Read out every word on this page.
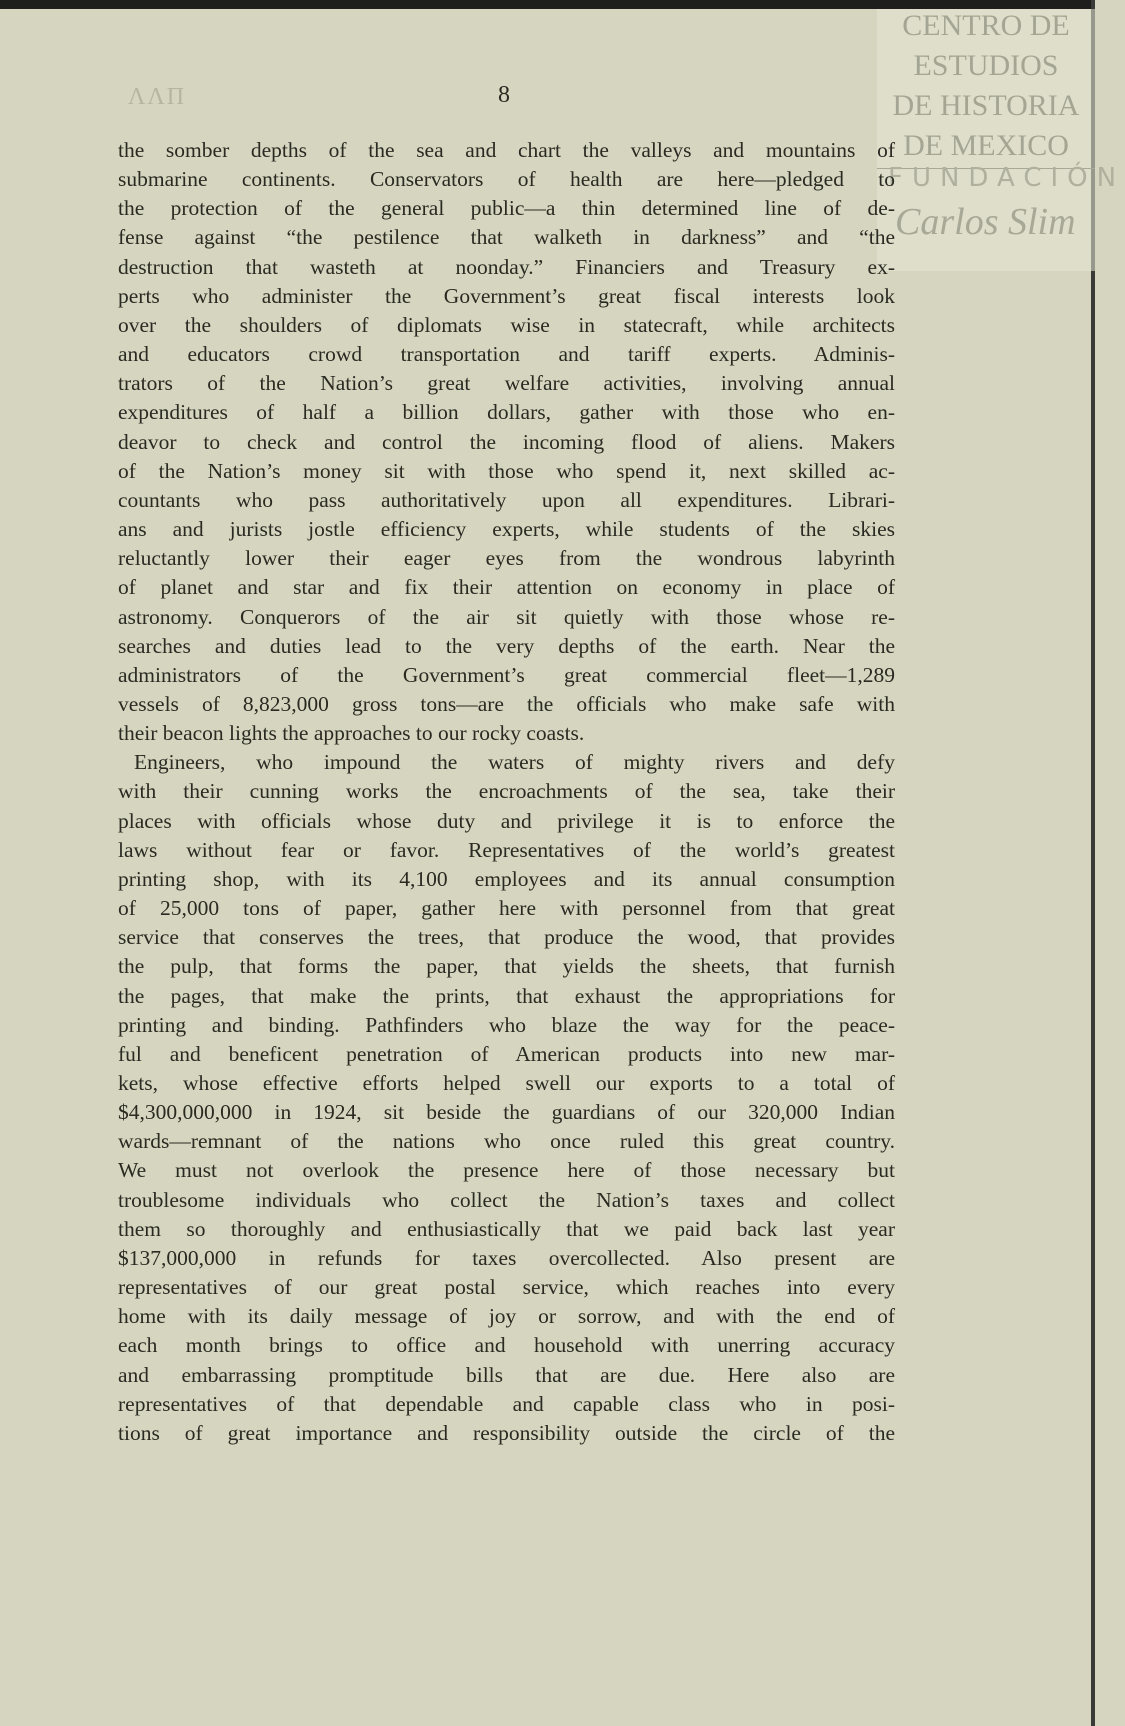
ΛΛΠ	8
CENTRO DE
ESTUDIOS
DE HISTORIA
DE MEXICO
FUNDACIÓN
Carlos Slim
the somber depths of the sea and chart the valleys and mountains of
submarine continents. Conservators of health are here—pledged to
the protection of the general public—a thin determined line of de-
fense against “the pestilence that walketh in darkness” and “the
destruction that wasteth at noonday.” Financiers and Treasury ex-
perts who administer the Government’s great fiscal interests look
over the shoulders of diplomats wise in statecraft, while architects
and educators crowd transportation and tariff experts. Adminis-
trators of the Nation’s great welfare activities, involving annual
expenditures of half a billion dollars, gather with those who en-
deavor to check and control the incoming flood of aliens. Makers
of the Nation’s money sit with those who spend it, next skilled ac-
countants who pass authoritatively upon all expenditures. Librari-
ans and jurists jostle efficiency experts, while students of the skies
reluctantly lower their eager eyes from the wondrous labyrinth
of planet and star and fix their attention on economy in place of
astronomy. Conquerors of the air sit quietly with those whose re-
searches and duties lead to the very depths of the earth. Near the
administrators of the Government’s great commercial fleet—1,289
vessels of 8,823,000 gross tons—are the officials who make safe with
their beacon lights the approaches to our rocky coasts.
Engineers, who impound the waters of mighty rivers and defy
with their cunning works the encroachments of the sea, take their
places with officials whose duty and privilege it is to enforce the
laws without fear or favor. Representatives of the world’s greatest
printing shop, with its 4,100 employees and its annual consumption
of 25,000 tons of paper, gather here with personnel from that great
service that conserves the trees, that produce the wood, that provides
the pulp, that forms the paper, that yields the sheets, that furnish
the pages, that make the prints, that exhaust the appropriations for
printing and binding. Pathfinders who blaze the way for the peace-
ful and beneficent penetration of American products into new mar-
kets, whose effective efforts helped swell our exports to a total of
$4,300,000,000 in 1924, sit beside the guardians of our 320,000 Indian
wards—remnant of the nations who once ruled this great country.
We must not overlook the presence here of those necessary but
troublesome individuals who collect the Nation’s taxes and collect
them so thoroughly and enthusiastically that we paid back last year
$137,000,000 in refunds for taxes overcollected. Also present are
representatives of our great postal service, which reaches into every
home with its daily message of joy or sorrow, and with the end of
each month brings to office and household with unerring accuracy
and embarrassing promptitude bills that are due. Here also are
representatives of that dependable and capable class who in posi-
tions of great importance and responsibility outside the circle of the
